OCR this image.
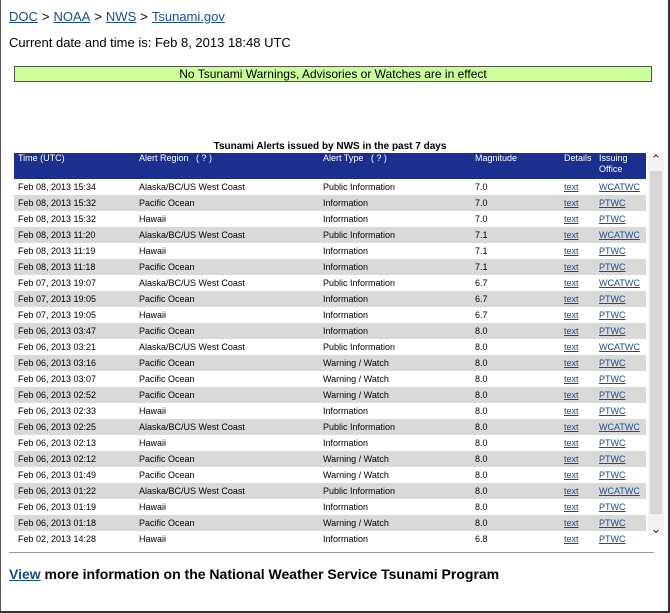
DOC > NOAA > NWS > Tsunami.gov
Current date and time is: Feb 8, 2013 18:48 UTC
No Tsunami Warnings, Advisories or Watches are in effect
Tsunami Alerts issued by NWS in the past 7 days
Time (UTC)	Alert Region ( ? )	Alert Type ( ? )	Magnitude	Details	Issuing Office
Feb 08, 2013 15:34	Alaska/BC/US West Coast	Public Information	7.0	text	WCATWC
Feb 08, 2013 15:32	Pacific Ocean	Information	7.0	text	PTWC
Feb 08, 2013 15:32	Hawaii	Information	7.0	text	PTWC
Feb 08, 2013 11:20	Alaska/BC/US West Coast	Public Information	7.1	text	WCATWC
Feb 08, 2013 11:19	Hawaii	Information	7.1	text	PTWC
Feb 08, 2013 11:18	Pacific Ocean	Information	7.1	text	PTWC
Feb 07, 2013 19:07	Alaska/BC/US West Coast	Public Information	6.7	text	WCATWC
Feb 07, 2013 19:05	Pacific Ocean	Information	6.7	text	PTWC
Feb 07, 2013 19:05	Hawaii	Information	6.7	text	PTWC
Feb 06, 2013 03:47	Pacific Ocean	Information	8.0	text	PTWC
Feb 06, 2013 03:21	Alaska/BC/US West Coast	Public Information	8.0	text	WCATWC
Feb 06, 2013 03:16	Pacific Ocean	Warning / Watch	8.0	text	PTWC
Feb 06, 2013 03:07	Pacific Ocean	Warning / Watch	8.0	text	PTWC
Feb 06, 2013 02:52	Pacific Ocean	Warning / Watch	8.0	text	PTWC
Feb 06, 2013 02:33	Hawaii	Information	8.0	text	PTWC
Feb 06, 2013 02:25	Alaska/BC/US West Coast	Public Information	8.0	text	WCATWC
Feb 06, 2013 02:13	Hawaii	Information	8.0	text	PTWC
Feb 06, 2013 02:12	Pacific Ocean	Warning / Watch	8.0	text	PTWC
Feb 06, 2013 01:49	Pacific Ocean	Warning / Watch	8.0	text	PTWC
Feb 06, 2013 01:22	Alaska/BC/US West Coast	Public Information	8.0	text	WCATWC
Feb 06, 2013 01:19	Hawaii	Information	8.0	text	PTWC
Feb 06, 2013 01:18	Pacific Ocean	Warning / Watch	8.0	text	PTWC
Feb 02, 2013 14:28	Hawaii	Information	6.8	text	PTWC
⌃
⌄
View more information on the National Weather Service Tsunami Program
